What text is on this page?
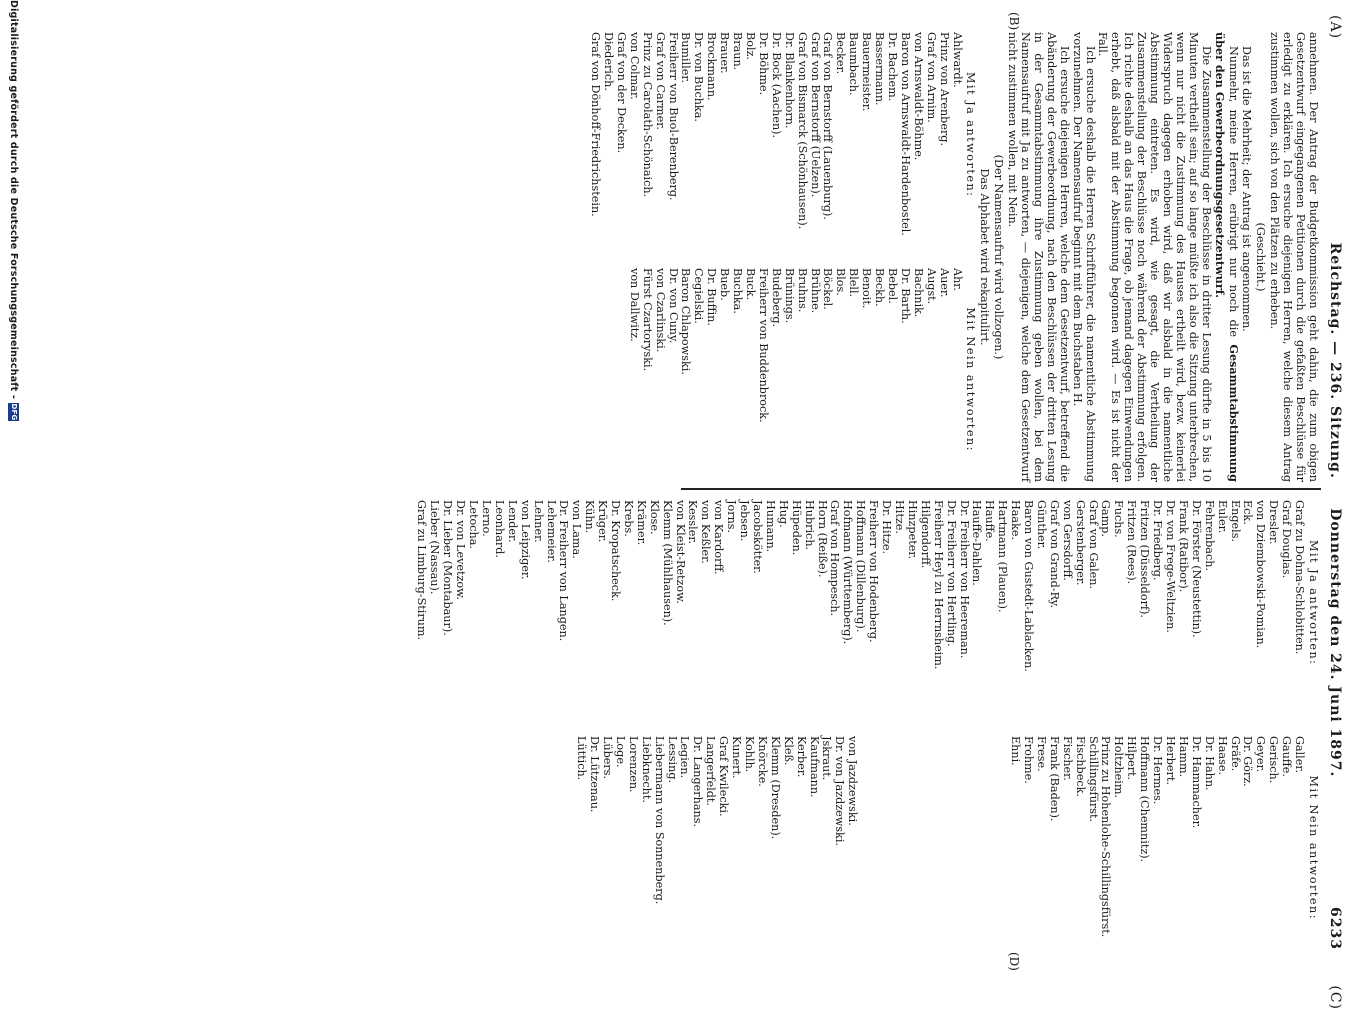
(A)
Reichstag. — 236. Sitzung.     Donnerstag den 24. Juni 1897.
6233
(C)
(B)
(D)

annehmen. Der Antrag der Budgetkommission geht dahin, die zum obigen Gesetzentwurf eingegangenen Petitionen durch die gefaßten Beschlüsse für erledigt zu erklären. Ich ersuche diejenigen Herren, welche diesem Antrag zustimmen wollen, sich von den Plätzen zu erheben.

(Geschieht.)

Das ist die Mehrheit; der Antrag ist angenommen.

Nunmehr, meine Herren, erübrigt nur noch die Gesammtabstimmung über den Gewerbeordnungsgesetzentwurf.

Die Zusammenstellung der Beschlüsse in dritter Lesung dürfte in 5 bis 10 Minuten vertheilt sein; auf so lange müßte ich also die Sitzung unterbrechen, wenn nur nicht die Zustimmung des Hauses ertheilt wird, bezw. keinerlei Widerspruch dagegen erhoben wird, daß wir alsbald in die namentliche Abstimmung eintreten. Es wird, wie gesagt, die Vertheilung der Zusammenstellung der Beschlüsse noch während der Abstimmung erfolgen. Ich richte deshalb an das Haus die Frage, ob jemand dagegen Einwendungen erhebt, daß alsbald mit der Abstimmung begonnen wird. — Es ist nicht der Fall.

Ich ersuche deshalb die Herren Schriftführer, die namentliche Abstimmung vorzunehmen. Der Namensaufruf beginnt mit dem Buchstaben H.

Ich ersuche diejenigen Herren, welche dem Gesetzentwurf, betreffend die Abänderung der Gewerbeordnung, nach den Beschlüssen der dritten Lesung in der Gesammtabstimmung ihre Zustimmung geben wollen, bei dem Namensaufruf mit Ja zu antworten, — diejenigen, welche dem Gesetzentwurf nicht zustimmen wollen, mit Nein.

(Der Namensaufruf wird vollzogen.)
Das Alphabet wird rekapitulirt.
Mit Ja antworten:
Mit Nein antworten:
Ahlwardt.
Prinz von Arenberg.
Graf von Arnim.
von Arnswaldt-Böhme.
Baron von Arnswaldt-Hardenbostel.
Dr. Bachem.
Bassermann.
Bauermeister.
Baumbach.
Becker.
Graf von Bernstorff (Lauenburg).
Graf von Bernstorff (Uelzen).
Graf von Bismarck (Schönhausen).
Dr. Blankenhorn.
Dr. Bock (Aachen).
Dr. Böhme.
Bolz.
Braun.
Brauer.
Brockmann.
Dr. von Buchka.
Bumiller.
Freiherr von Buol-Berenberg.
Graf von Carmer.
Prinz zu Carolath-Schönaich.
von Colmar.
Graf von der Decken.
Diederich.
Graf von Dönhoff-Friedrichstein.
Ahr.
Auer.
Augst.
Bachnik.
Dr. Barth.
Bebel.
Beckh.
Benoit.
Blell.
Blos.
Böckel.
Brühne.
Bruhns.
Brünings.
Budeberg.
Freiherr von Buddenbrock.
Buck.
Buchka.
Bueb.
Dr. Buffin.
Cegielski.
Baron Chlapowski.
Dr. von Cuny.
von Czarlinski.
Fürst Czartoryski.
von Dallwitz.
Mit Ja antworten:
Mit Nein antworten:
Graf zu Dohna-Schlobitten.
Graf Douglas.
Dresler.
von Dziembowski-Pomian.
Eck.
Engels.
Euler.
Fehrenbach.
Dr. Förster (Neustettin).
Frank (Ratibor).
Dr. von Frege-Weltzien.
Dr. Friedberg.
Fritzen (Düsseldorf).
Fritzen (Rees).
Fuchs.
Gamp.
Graf von Galen.
Gerstenberger.
von Gersdorff.
Graf von Grand-Ry.
Günther.
Baron von Gustedt-Lablacken.
Haake.
Hartmann (Plauen).
Hauffe.
Hauffe-Dahlen.
Dr. Freiherr von Heereman.
Dr. Freiherr von Hertling.
Freiherr Heyl zu Herrnsheim.
Hilgendorff.
Hinzpeter.
Hitze.
Dr. Hitze.
Freiherr von Hodenberg.
Hoffmann (Dillenburg).
Hofmann (Württemberg).
Graf von Hompesch.
Horn (Reiße).
Hubrich.
Hüpeden.
Hug.
Humann.
Jacobskötter.
Jebsen.
Jorns.
von Kardorff.
von Keßler.
Kessler.
von Kleist-Retzow.
Klemm (Mühlhausen).
Klose.
Krämer.
Krebs.
Dr. Kropatscheck.
Krüger.
Kühn.
von Lama.
Dr. Freiherr von Langen.
Lehemeier.
Lehner.
von Leipziger.
Lender.
Leonhard.
Lerno.
Letocha.
Dr. von Levetzow.
Dr. Lieber (Montabaur).
Lieber (Nassau).
Graf zu Limburg-Stirum.
Galler.
Gauffe.
Gerisch.
Geyer.
Dr. Görz.
Gräfe.
Haase.
Dr. Hahn.
Dr. Hammacher.
Hamm.
Herbert.
Dr. Hermes.
Hoffmann (Chemnitz).
Hilpert.
Holtzheim.
Prinz zu Hohenlohe-Schillingsfürst.
Schillingsfürst.
Fischbeck.
Fischer.
Frank (Baden).
Frese.
Frohme.
Ehni.
von Jazdzewski.
Dr. von Jazdzewski.
Jskraut.
Kaufmann.
Kerber.
Kleß.
Klemm (Dresden).
Knörcke.
Kohlh.
Kunert.
Graf Kwilecki.
Langerfeldt.
Dr. Langerhans.
Legien.
Lessing.
Liebermann von Sonnenberg.
Liebknecht.
Lorenzen.
Loge.
Lübers.
Dr. Lützenau.
Lüttich.
Digitalisierung gefördert durch die Deutsche Forschungsgemeinschaft -
DFG
